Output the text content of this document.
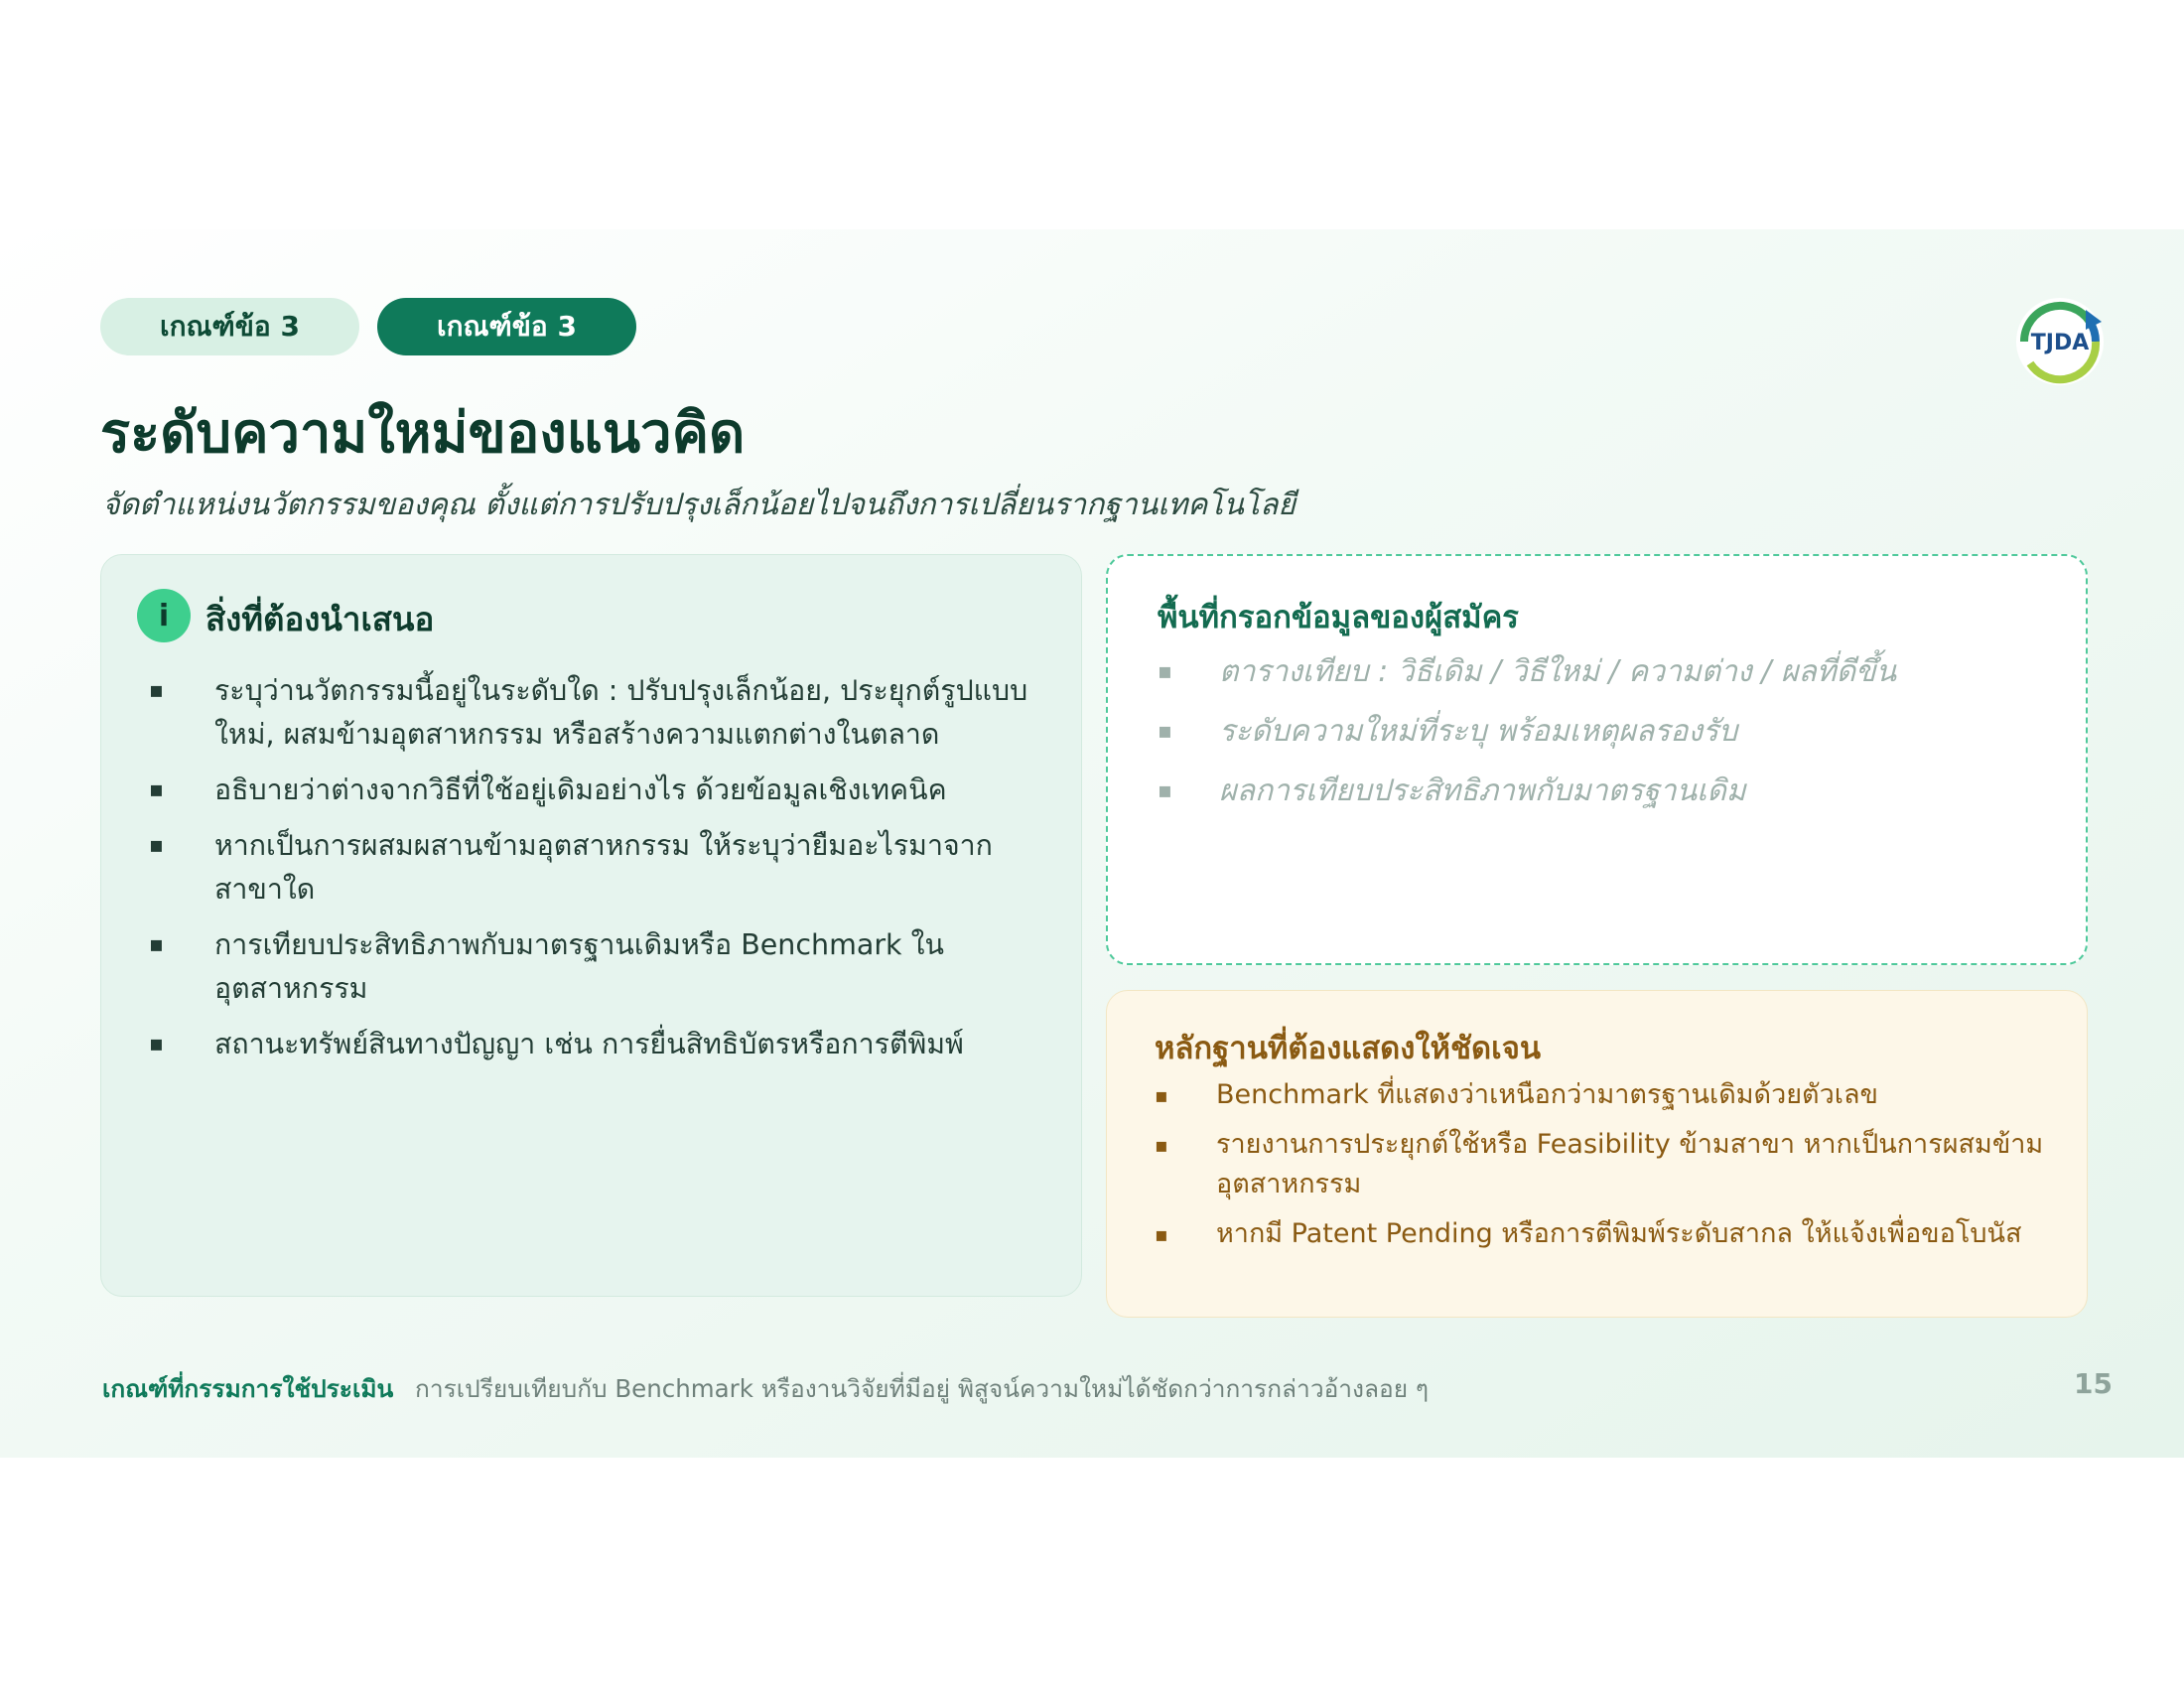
เกณฑ์ข้อ 3	เกณฑ์ข้อ 3
TJDA
ระดับความใหม่ของแนวคิด

จัดตำแหน่งนวัตกรรมของคุณ ตั้งแต่การปรับปรุงเล็กน้อยไปจนถึงการเปลี่ยนรากฐานเทคโนโลยี

i	สิ่งที่ต้องนำเสนอ
▪ ระบุว่านวัตกรรมนี้อยู่ในระดับใด : ปรับปรุงเล็กน้อย, ประยุกต์รูปแบบใหม่, ผสมข้ามอุตสาหกรรม หรือสร้างความแตกต่างในตลาด
▪ อธิบายว่าต่างจากวิธีที่ใช้อยู่เดิมอย่างไร ด้วยข้อมูลเชิงเทคนิค
▪ หากเป็นการผสมผสานข้ามอุตสาหกรรม ให้ระบุว่ายืมอะไรมาจากสาขาใด
▪ การเทียบประสิทธิภาพกับมาตรฐานเดิมหรือ Benchmark ในอุตสาหกรรม
▪ สถานะทรัพย์สินทางปัญญา เช่น การยื่นสิทธิบัตรหรือการตีพิมพ์
พื้นที่กรอกข้อมูลของผู้สมัคร
▪ ตารางเทียบ : วิธีเดิม / วิธีใหม่ / ความต่าง / ผลที่ดีขึ้น
▪ ระดับความใหม่ที่ระบุ พร้อมเหตุผลรองรับ
▪ ผลการเทียบประสิทธิภาพกับมาตรฐานเดิม
หลักฐานที่ต้องแสดงให้ชัดเจน
▪ Benchmark ที่แสดงว่าเหนือกว่ามาตรฐานเดิมด้วยตัวเลข
▪ รายงานการประยุกต์ใช้หรือ Feasibility ข้ามสาขา หากเป็นการผสมข้ามอุตสาหกรรม
▪ หากมี Patent Pending หรือการตีพิมพ์ระดับสากล ให้แจ้งเพื่อขอโบนัส
เกณฑ์ที่กรรมการใช้ประเมิน การเปรียบเทียบกับ Benchmark หรืองานวิจัยที่มีอยู่ พิสูจน์ความใหม่ได้ชัดกว่าการกล่าวอ้างลอย ๆ	15
